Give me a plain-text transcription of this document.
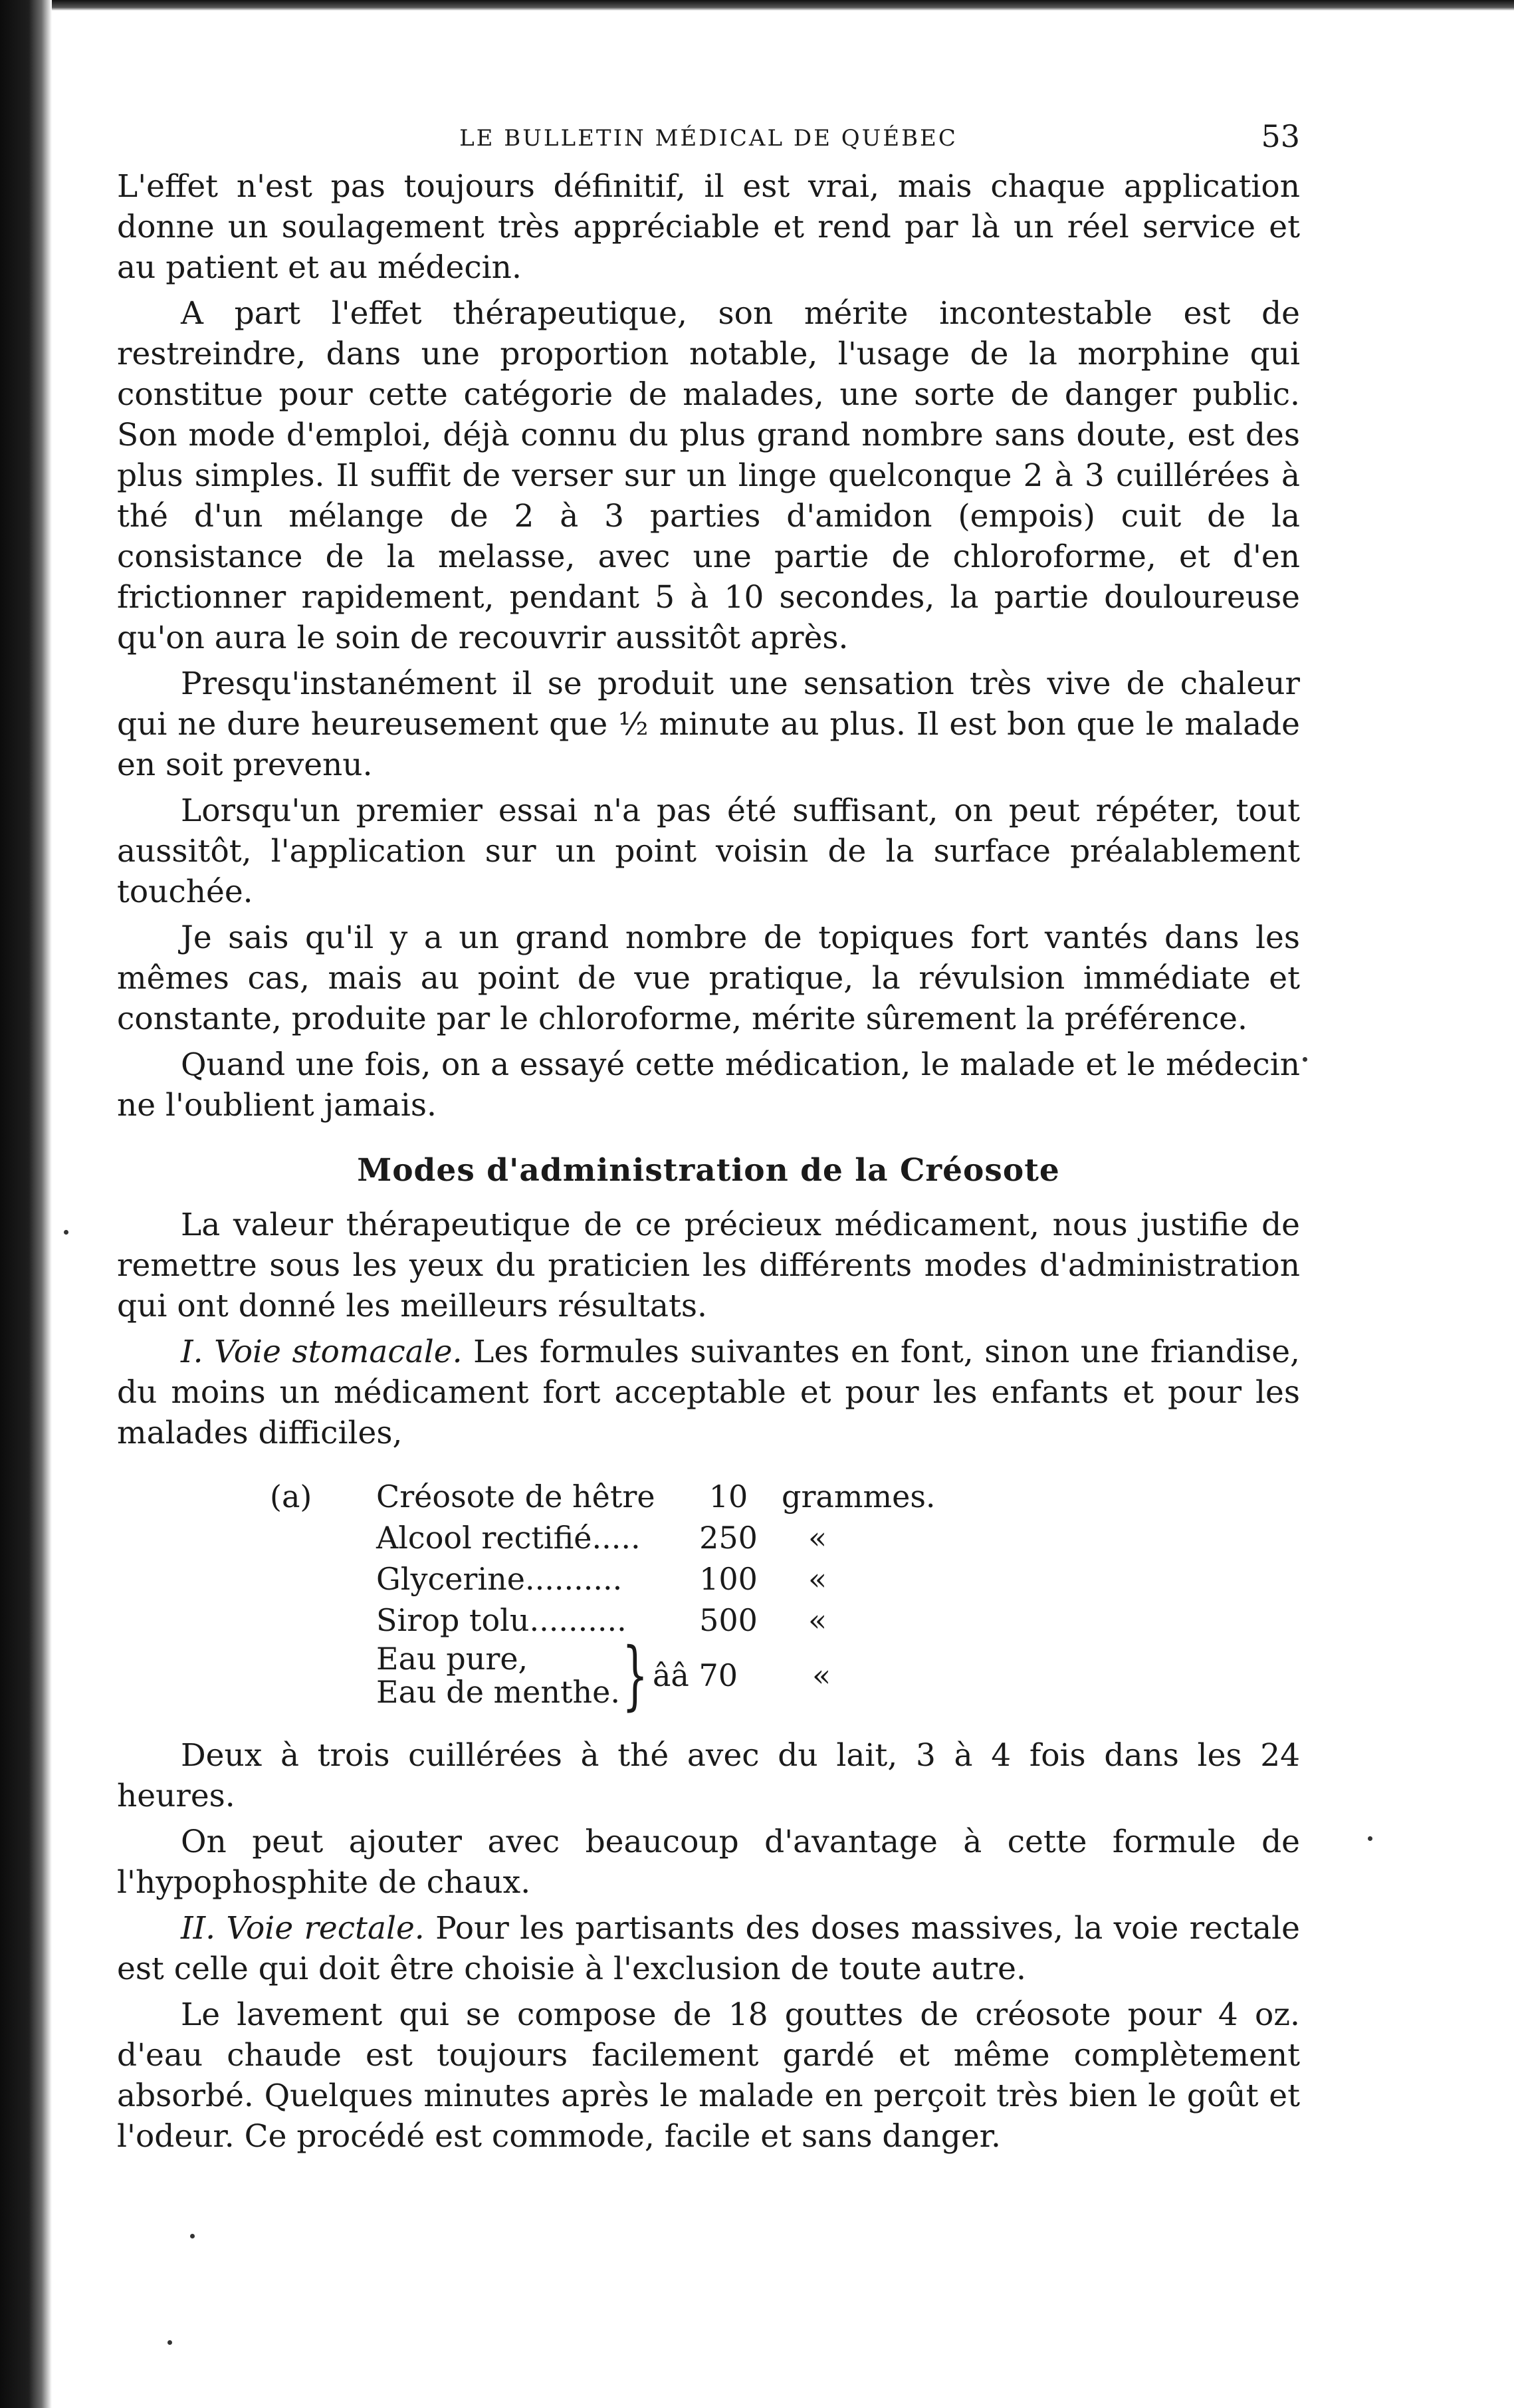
LE BULLETIN MÉDICAL DE QUÉBEC	53

L'effet n'est pas toujours définitif, il est vrai, mais chaque application donne un soulagement très appréciable et rend par là un réel service et au patient et au médecin.

A part l'effet thérapeutique, son mérite incontestable est de restreindre, dans une proportion notable, l'usage de la morphine qui constitue pour cette catégorie de malades, une sorte de danger public. Son mode d'emploi, déjà connu du plus grand nombre sans doute, est des plus simples. Il suffit de verser sur un linge quelconque 2 à 3 cuillérées à thé d'un mélange de 2 à 3 parties d'amidon (empois) cuit de la consistance de la melasse, avec une partie de chloroforme, et d'en frictionner rapidement, pendant 5 à 10 secondes, la partie douloureuse qu'on aura le soin de recouvrir aussitôt après.

Presqu'instanément il se produit une sensation très vive de chaleur qui ne dure heureusement que ½ minute au plus. Il est bon que le malade en soit prevenu.

Lorsqu'un premier essai n'a pas été suffisant, on peut répéter, tout aussitôt, l'application sur un point voisin de la surface préalablement touchée.

Je sais qu'il y a un grand nombre de topiques fort vantés dans les mêmes cas, mais au point de vue pratique, la révulsion immédiate et constante, produite par le chloroforme, mérite sûrement la préférence.

Quand une fois, on a essayé cette médication, le malade et le médecin ne l'oublient jamais.

Modes d'administration de la Créosote

La valeur thérapeutique de ce précieux médicament, nous justifie de remettre sous les yeux du praticien les différents modes d'administration qui ont donné les meilleurs résultats.

I. Voie stomacale. Les formules suivantes en font, sinon une friandise, du moins un médicament fort acceptable et pour les enfants et pour les malades difficiles,

(a) Créosote de hêtre	10	grammes.
Alcool rectifié.....	250	«
Glycerine..........	100	«
Sirop tolu..........	500	«
Eau pure,
Eau de menthe. } ââ 70	«

Deux à trois cuillérées à thé avec du lait, 3 à 4 fois dans les 24 heures.

On peut ajouter avec beaucoup d'avantage à cette formule de l'hypophosphite de chaux.

II. Voie rectale. Pour les partisants des doses massives, la voie rectale est celle qui doit être choisie à l'exclusion de toute autre.

Le lavement qui se compose de 18 gouttes de créosote pour 4 oz. d'eau chaude est toujours facilement gardé et même complètement absorbé. Quelques minutes après le malade en perçoit très bien le goût et l'odeur. Ce procédé est commode, facile et sans danger.
